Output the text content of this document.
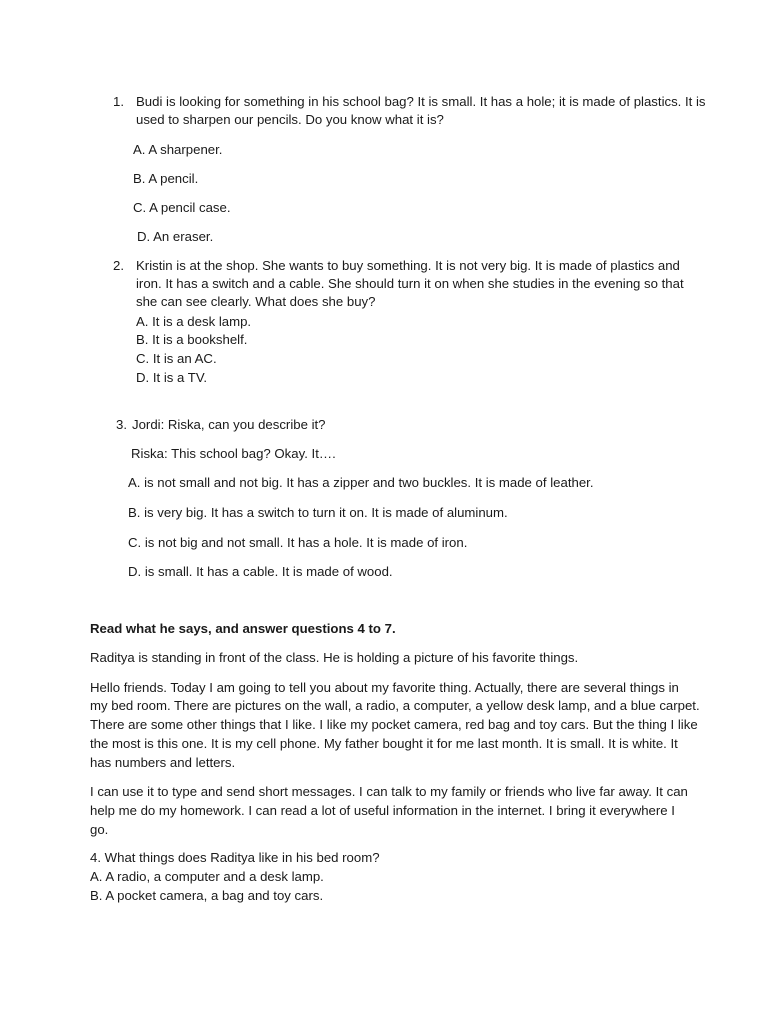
1. Budi is looking for something in his school bag? It is small. It has a hole; it is made of plastics. It is
used to sharpen our pencils. Do you know what it is?
A. A sharpener.
B. A pencil.
C. A pencil case.
D. An eraser.
2. Kristin is at the shop. She wants to buy something. It is not very big. It is made of plastics and
iron. It has a switch and a cable. She should turn it on when she studies in the evening so that
she can see clearly. What does she buy?
A. It is a desk lamp.
B. It is a bookshelf.
C. It is an AC.
D. It is a TV.
3. Jordi: Riska, can you describe it?
Riska: This school bag? Okay. It….
A. is not small and not big. It has a zipper and two buckles. It is made of leather.
B. is very big. It has a switch to turn it on. It is made of aluminum.
C. is not big and not small. It has a hole. It is made of iron.
D. is small. It has a cable. It is made of wood.
Read what he says, and answer questions 4 to 7.
Raditya is standing in front of the class. He is holding a picture of his favorite things.
Hello friends. Today I am going to tell you about my favorite thing. Actually, there are several things in
my bed room. There are pictures on the wall, a radio, a computer, a yellow desk lamp, and a blue carpet.
There are some other things that I like. I like my pocket camera, red bag and toy cars. But the thing I like
the most is this one. It is my cell phone. My father bought it for me last month. It is small. It is white. It
has numbers and letters.
I can use it to type and send short messages. I can talk to my family or friends who live far away. It can
help me do my homework. I can read a lot of useful information in the internet. I bring it everywhere I
go.
4. What things does Raditya like in his bed room?
A. A radio, a computer and a desk lamp.
B. A pocket camera, a bag and toy cars.
